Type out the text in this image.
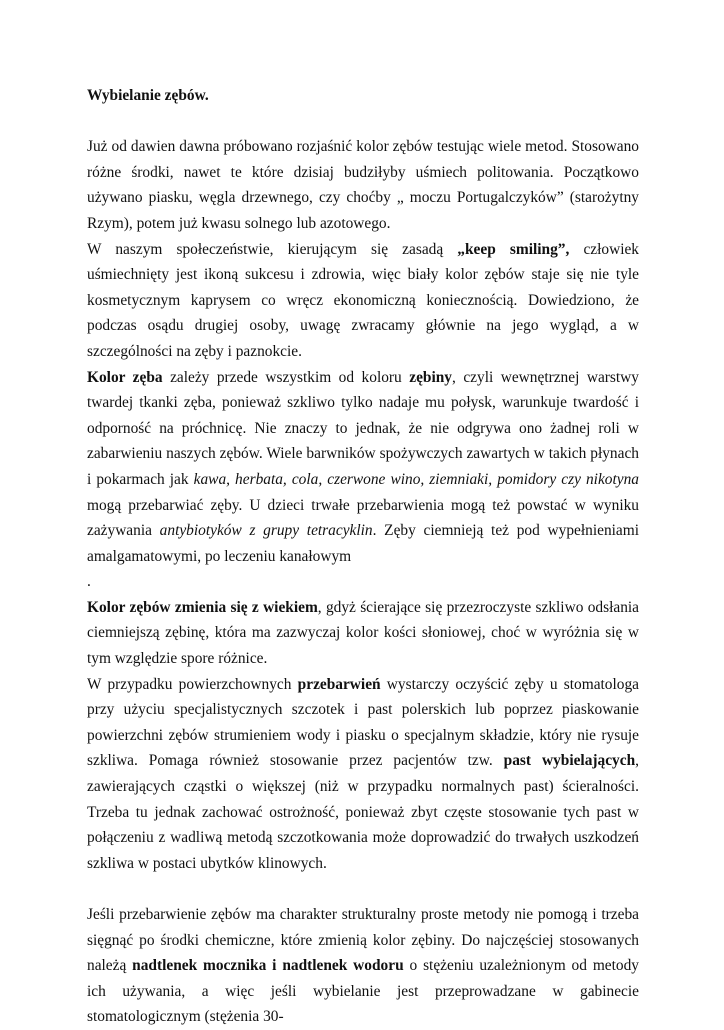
Wybielanie zębów.

Już od dawien dawna próbowano rozjaśnić kolor zębów testując wiele metod. Stosowano różne środki, nawet te które dzisiaj budziłyby uśmiech politowania. Początkowo używano piasku, węgla drzewnego, czy choćby „ moczu Portugalczyków” (starożytny Rzym), potem już kwasu solnego lub azotowego.

W naszym społeczeństwie, kierującym się zasadą „keep smiling”, człowiek uśmiechnięty jest ikoną sukcesu i zdrowia, więc biały kolor zębów staje się nie tyle kosmetycznym kaprysem co wręcz ekonomiczną koniecznością. Dowiedziono, że podczas osądu drugiej osoby, uwagę zwracamy głównie na jego wygląd, a w szczególności na zęby i paznokcie.

Kolor zęba zależy przede wszystkim od koloru zębiny, czyli wewnętrznej warstwy twardej tkanki zęba, ponieważ szkliwo tylko nadaje mu połysk, warunkuje twardość i odporność na próchnicę. Nie znaczy to jednak, że nie odgrywa ono żadnej roli w zabarwieniu naszych zębów. Wiele barwników spożywczych zawartych w takich płynach i pokarmach jak kawa, herbata, cola, czerwone wino, ziemniaki, pomidory czy nikotyna mogą przebarwiać zęby. U dzieci trwałe przebarwienia mogą też powstać w wyniku zażywania antybiotyków z grupy tetracyklin. Zęby ciemnieją też pod wypełnieniami amalgamatowymi, po leczeniu kanałowym

.

Kolor zębów zmienia się z wiekiem, gdyż ścierające się przezroczyste szkliwo odsłania ciemniejszą zębinę, która ma zazwyczaj kolor kości słoniowej, choć w wyróżnia się w tym względzie spore różnice.

W przypadku powierzchownych przebarwień wystarczy oczyścić zęby u stomatologa przy użyciu specjalistycznych szczotek i past polerskich lub poprzez piaskowanie powierzchni zębów strumieniem wody i piasku o specjalnym składzie, który nie rysuje szkliwa. Pomaga również stosowanie przez pacjentów tzw. past wybielających, zawierających cząstki o większej (niż w przypadku normalnych past) ścieralności. Trzeba tu jednak zachować ostrożność, ponieważ zbyt częste stosowanie tych past w połączeniu z wadliwą metodą szczotkowania może doprowadzić do trwałych uszkodzeń szkliwa w postaci ubytków klinowych.

Jeśli przebarwienie zębów ma charakter strukturalny proste metody nie pomogą i trzeba sięgnąć po środki chemiczne, które zmienią kolor zębiny. Do najczęściej stosowanych należą nadtlenek mocznika i nadtlenek wodoru o stężeniu uzależnionym od metody ich używania, a więc jeśli wybielanie jest przeprowadzane w gabinecie stomatologicznym (stężenia 30-
